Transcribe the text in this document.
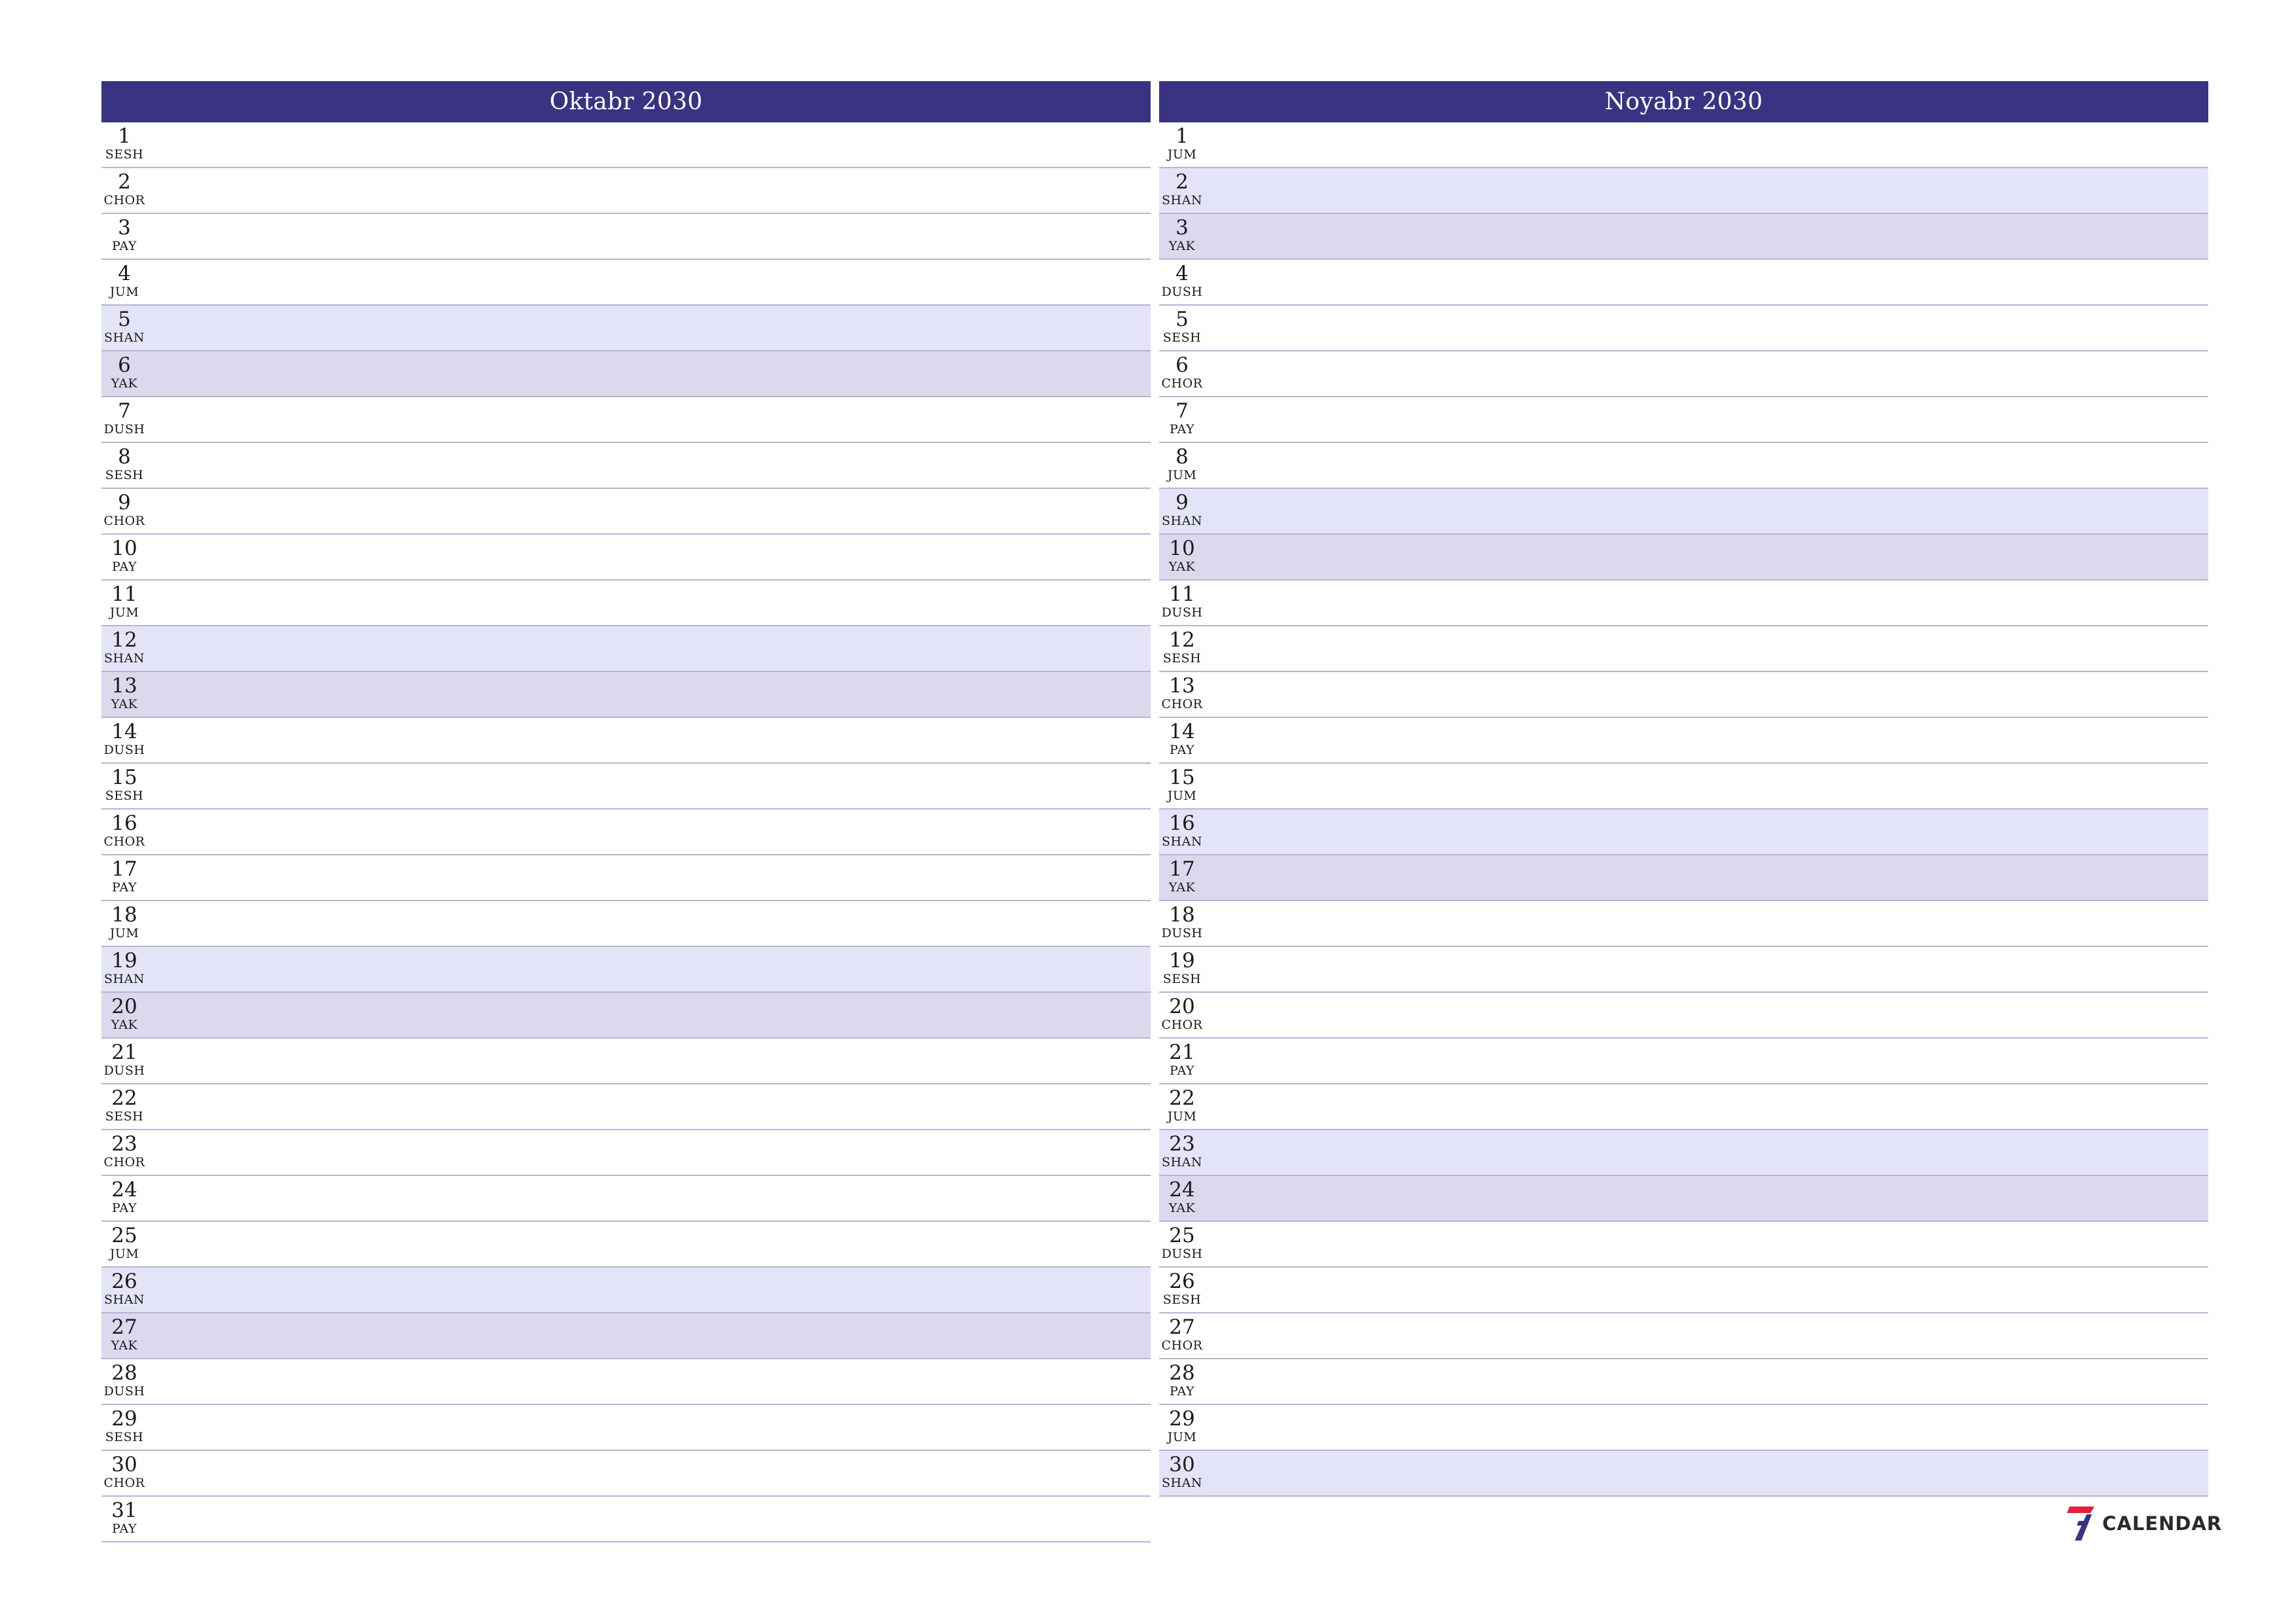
Oktabr 2030
1
SESH
2
CHOR
3
PAY
4
JUM
5
SHAN
6
YAK
7
DUSH
8
SESH
9
CHOR
10
PAY
11
JUM
12
SHAN
13
YAK
14
DUSH
15
SESH
16
CHOR
17
PAY
18
JUM
19
SHAN
20
YAK
21
DUSH
22
SESH
23
CHOR
24
PAY
25
JUM
26
SHAN
27
YAK
28
DUSH
29
SESH
30
CHOR
31
PAY
Noyabr 2030
1
JUM
2
SHAN
3
YAK
4
DUSH
5
SESH
6
CHOR
7
PAY
8
JUM
9
SHAN
10
YAK
11
DUSH
12
SESH
13
CHOR
14
PAY
15
JUM
16
SHAN
17
YAK
18
DUSH
19
SESH
20
CHOR
21
PAY
22
JUM
23
SHAN
24
YAK
25
DUSH
26
SESH
27
CHOR
28
PAY
29
JUM
30
SHAN
CALENDAR
